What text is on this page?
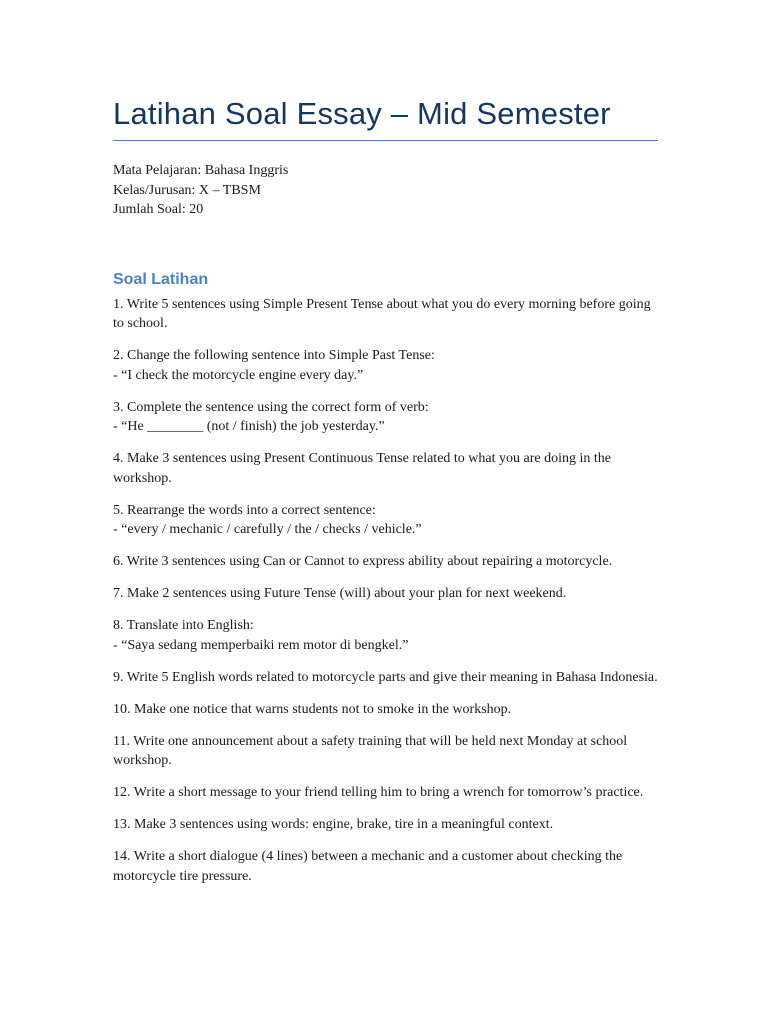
Latihan Soal Essay – Mid Semester
Mata Pelajaran: Bahasa Inggris
Kelas/Jurusan: X – TBSM
Jumlah Soal: 20
Soal Latihan
1. Write 5 sentences using Simple Present Tense about what you do every morning before going to school.
2. Change the following sentence into Simple Past Tense:
- “I check the motorcycle engine every day.”
3. Complete the sentence using the correct form of verb:
- “He ________ (not / finish) the job yesterday.”
4. Make 3 sentences using Present Continuous Tense related to what you are doing in the workshop.
5. Rearrange the words into a correct sentence:
- “every / mechanic / carefully / the / checks / vehicle.”
6. Write 3 sentences using Can or Cannot to express ability about repairing a motorcycle.
7. Make 2 sentences using Future Tense (will) about your plan for next weekend.
8. Translate into English:
- “Saya sedang memperbaiki rem motor di bengkel.”
9. Write 5 English words related to motorcycle parts and give their meaning in Bahasa Indonesia.
10. Make one notice that warns students not to smoke in the workshop.
11. Write one announcement about a safety training that will be held next Monday at school workshop.
12. Write a short message to your friend telling him to bring a wrench for tomorrow’s practice.
13. Make 3 sentences using words: engine, brake, tire in a meaningful context.
14. Write a short dialogue (4 lines) between a mechanic and a customer about checking the motorcycle tire pressure.
